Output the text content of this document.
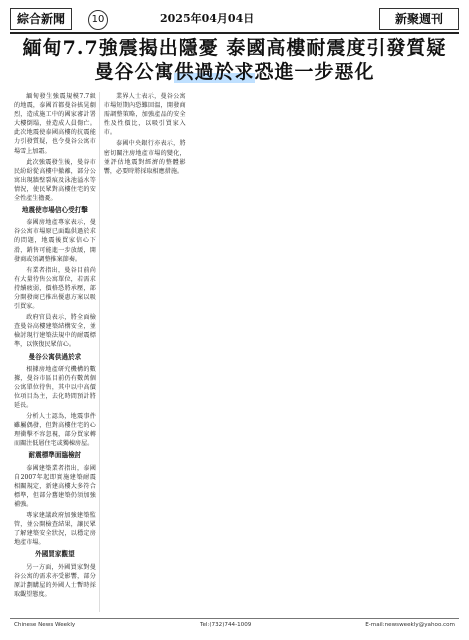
綜合新聞	10	2025年04月04日	新聚週刊
緬甸7.7強震揭出隱憂 泰國高樓耐震度引發質疑
曼谷公寓供過於求恐進一步惡化

緬甸發生強震規模7.7級的地震，泰國首都曼谷搖晃劇烈，造成施工中的國家審計署大樓倒塌，並造成人員傷亡。此次地震使泰國高樓的抗震能力引發質疑，也令曼谷公寓市場雪上加霜。

此次強震發生後，曼谷市民紛紛從高樓中撤離，部分公寓出現牆壁裂痕及泳池溢水等情況，使民眾對高樓住宅的安全性產生擔憂。

地震使市場信心受打擊

泰國房地產專家表示，曼谷公寓市場原已面臨供過於求的問題，地震後買家信心下滑，銷售可能進一步放緩，開發商或須調整推案節奏。

有業者指出，曼谷目前尚有大量待售公寓單位，若需求持續疲弱，價格恐將承壓，部分開發商已推出優惠方案以吸引買家。

政府官員表示，將全面檢查曼谷高樓建築結構安全，並檢討現行建築法規中的耐震標準，以恢復民眾信心。

曼谷公寓供過於求

根據房地產研究機構的數據，曼谷市區目前仍有數萬個公寓單位待售，其中以中高價位項目為主，去化時間預計將延長。

分析人士認為，地震事件雖屬偶發，但對高樓住宅的心理衝擊不容忽視，部分買家轉而關注低層住宅或獨棟房屋。

耐震標準面臨檢討

泰國建築業者指出，泰國自2007年起即實施建築耐震相關規定，新建高樓大多符合標準，但部分舊建築仍須加強補強。

專家建議政府加強建築監管，並公開檢查結果，讓民眾了解建築安全狀況，以穩定房地產市場。

外國買家觀望

另一方面，外國買家對曼谷公寓的需求亦受影響，部分原計劃購屋的外國人士暫時採取觀望態度。

業界人士表示，曼谷公寓市場短期內恐難回溫，開發商需調整策略，加強產品的安全性及性價比，以吸引買家入市。

泰國中央銀行亦表示，將密切關注房地產市場的變化，並評估地震對經濟的整體影響，必要時將採取相應措施。

Chinese News Weekly	Tel:(732)744-1009	E-mail:newsweekly@yahoo.com
